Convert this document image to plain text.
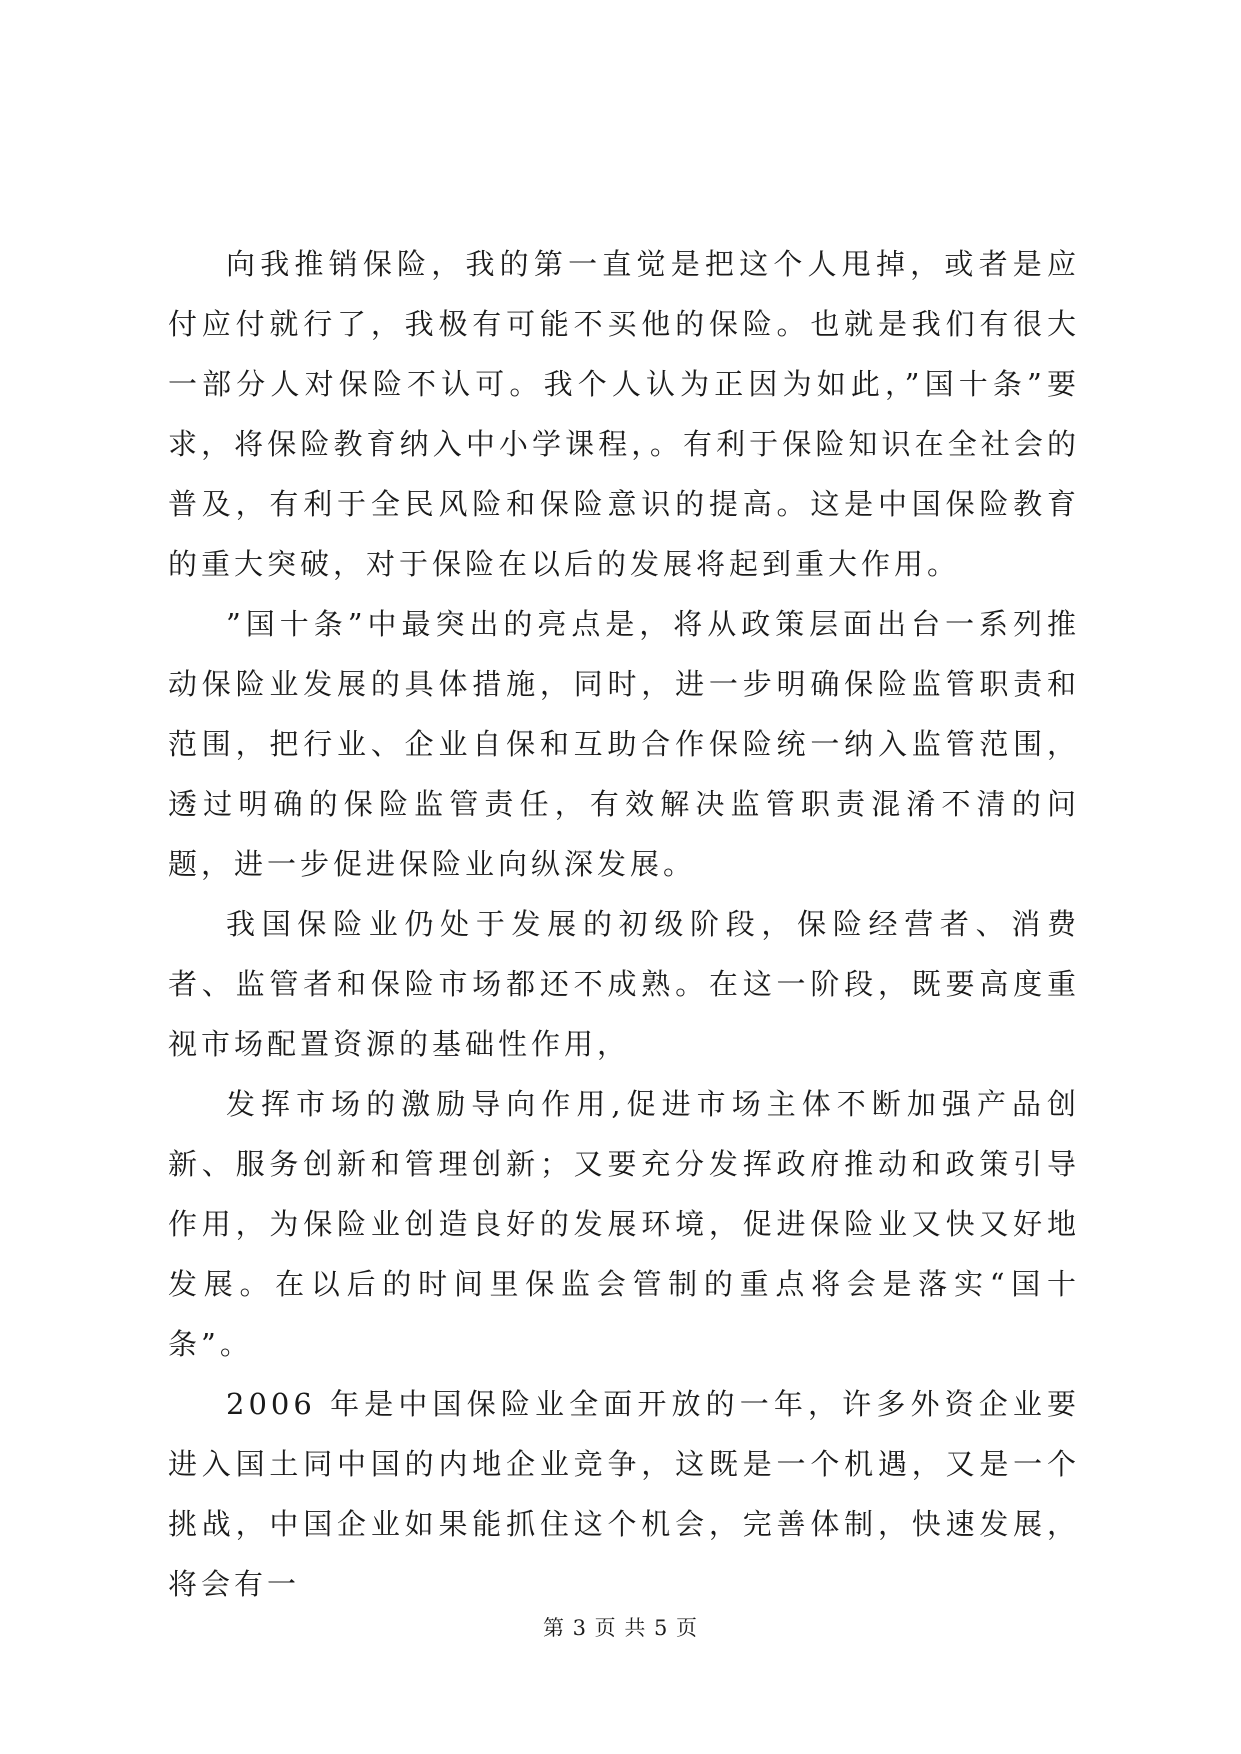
向我推销保险，我的第一直觉是把这个人甩掉，或者是应付应付就行了，我极有可能不买他的保险。也就是我们有很大一部分人对保险不认可。我个人认为正因为如此，”国十条”要求，将保险教育纳入中小学课程，。有利于保险知识在全社会的普及，有利于全民风险和保险意识的提高。这是中国保险教育的重大突破，对于保险在以后的发展将起到重大作用。

”国十条”中最突出的亮点是，将从政策层面出台一系列推动保险业发展的具体措施，同时，进一步明确保险监管职责和范围，把行业、企业自保和互助合作保险统一纳入监管范围，透过明确的保险监管责任，有效解决监管职责混淆不清的问题，进一步促进保险业向纵深发展。

我国保险业仍处于发展的初级阶段，保险经营者、消费者、监管者和保险市场都还不成熟。在这一阶段，既要高度重视市场配置资源的基础性作用，

发挥市场的激励导向作用,促进市场主体不断加强产品创新、服务创新和管理创新；又要充分发挥政府推动和政策引导作用，为保险业创造良好的发展环境，促进保险业又快又好地发展。在以后的时间里保监会管制的重点将会是落实“国十条”。

2006 年是中国保险业全面开放的一年，许多外资企业要进入国土同中国的内地企业竞争，这既是一个机遇，又是一个挑战，中国企业如果能抓住这个机会，完善体制，快速发展，将会有一

第 3 页 共 5 页
